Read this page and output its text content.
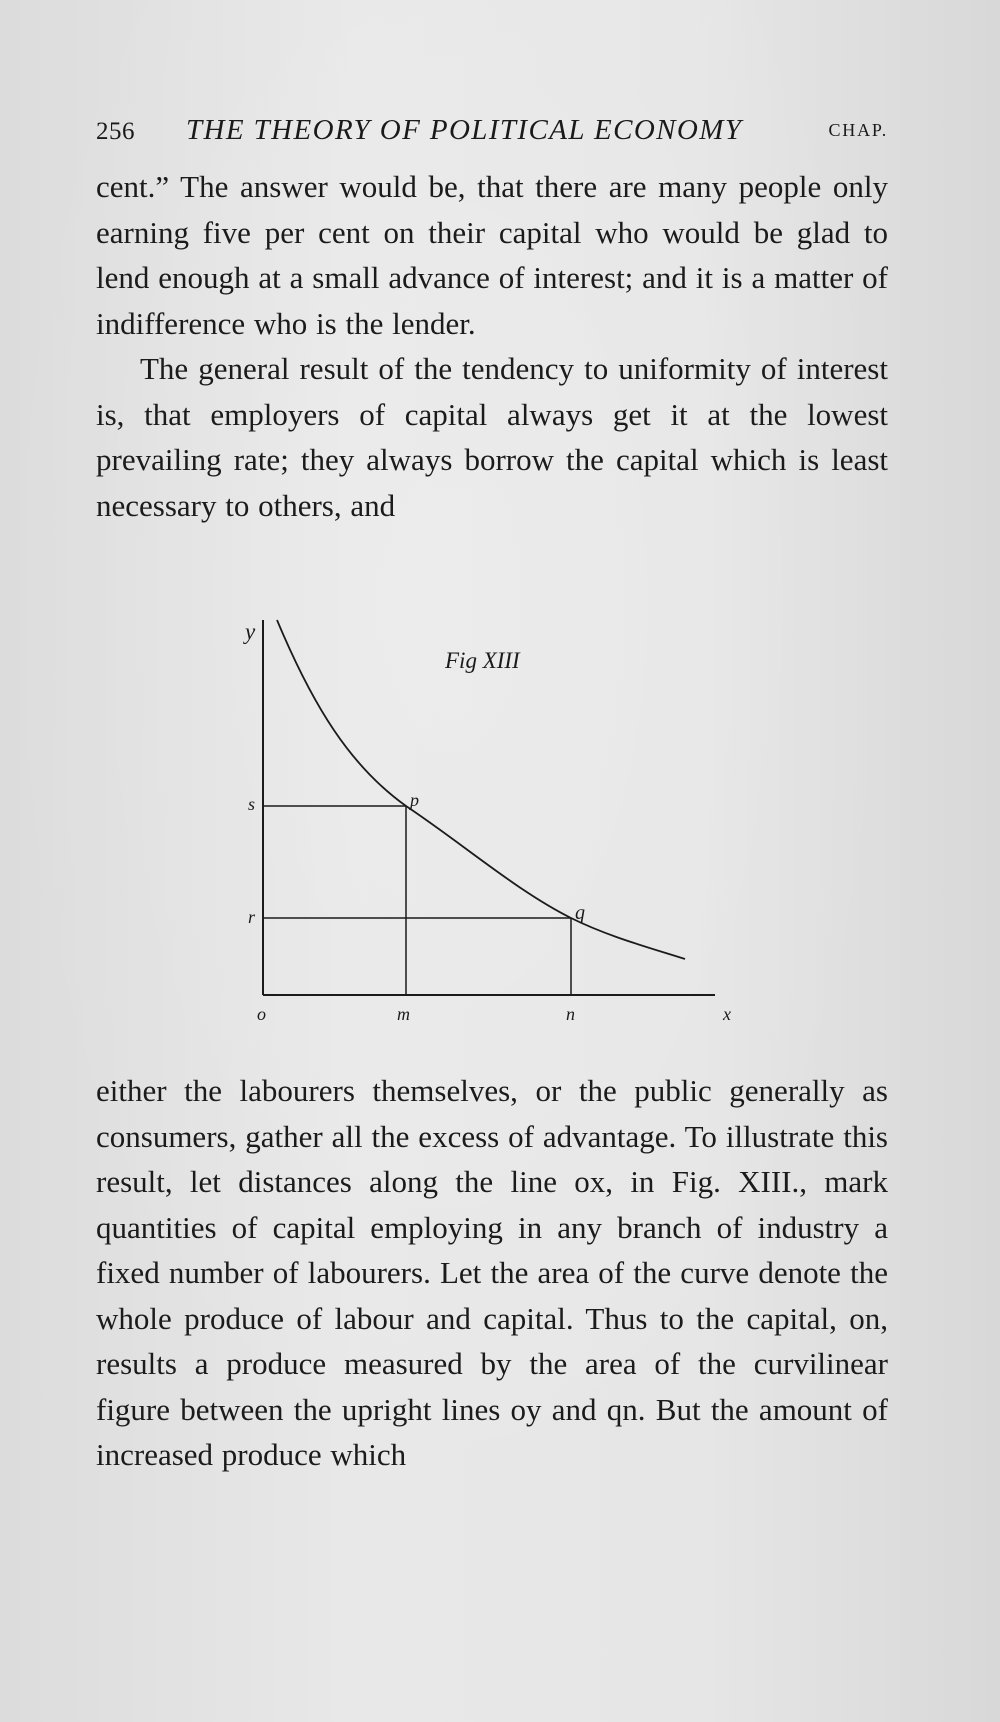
256 THE THEORY OF POLITICAL ECONOMY	CHAP.

cent.” The answer would be, that there are many people only earning five per cent on their capital who would be glad to lend enough at a small advance of interest; and it is a matter of indifference who is the lender.

The general result of the tendency to uniformity of interest is, that employers of capital always get it at the lowest prevailing rate; they always borrow the capital which is least necessary to others, and

y
s
r
o	m	n	x
p
q
Fig XIII

either the labourers themselves, or the public generally as consumers, gather all the excess of advantage. To illustrate this result, let distances along the line ox, in Fig. XIII., mark quantities of capital employing in any branch of industry a fixed number of labourers. Let the area of the curve denote the whole produce of labour and capital. Thus to the capital, on, results a produce measured by the area of the curvilinear figure between the upright lines oy and qn. But the amount of increased produce which
